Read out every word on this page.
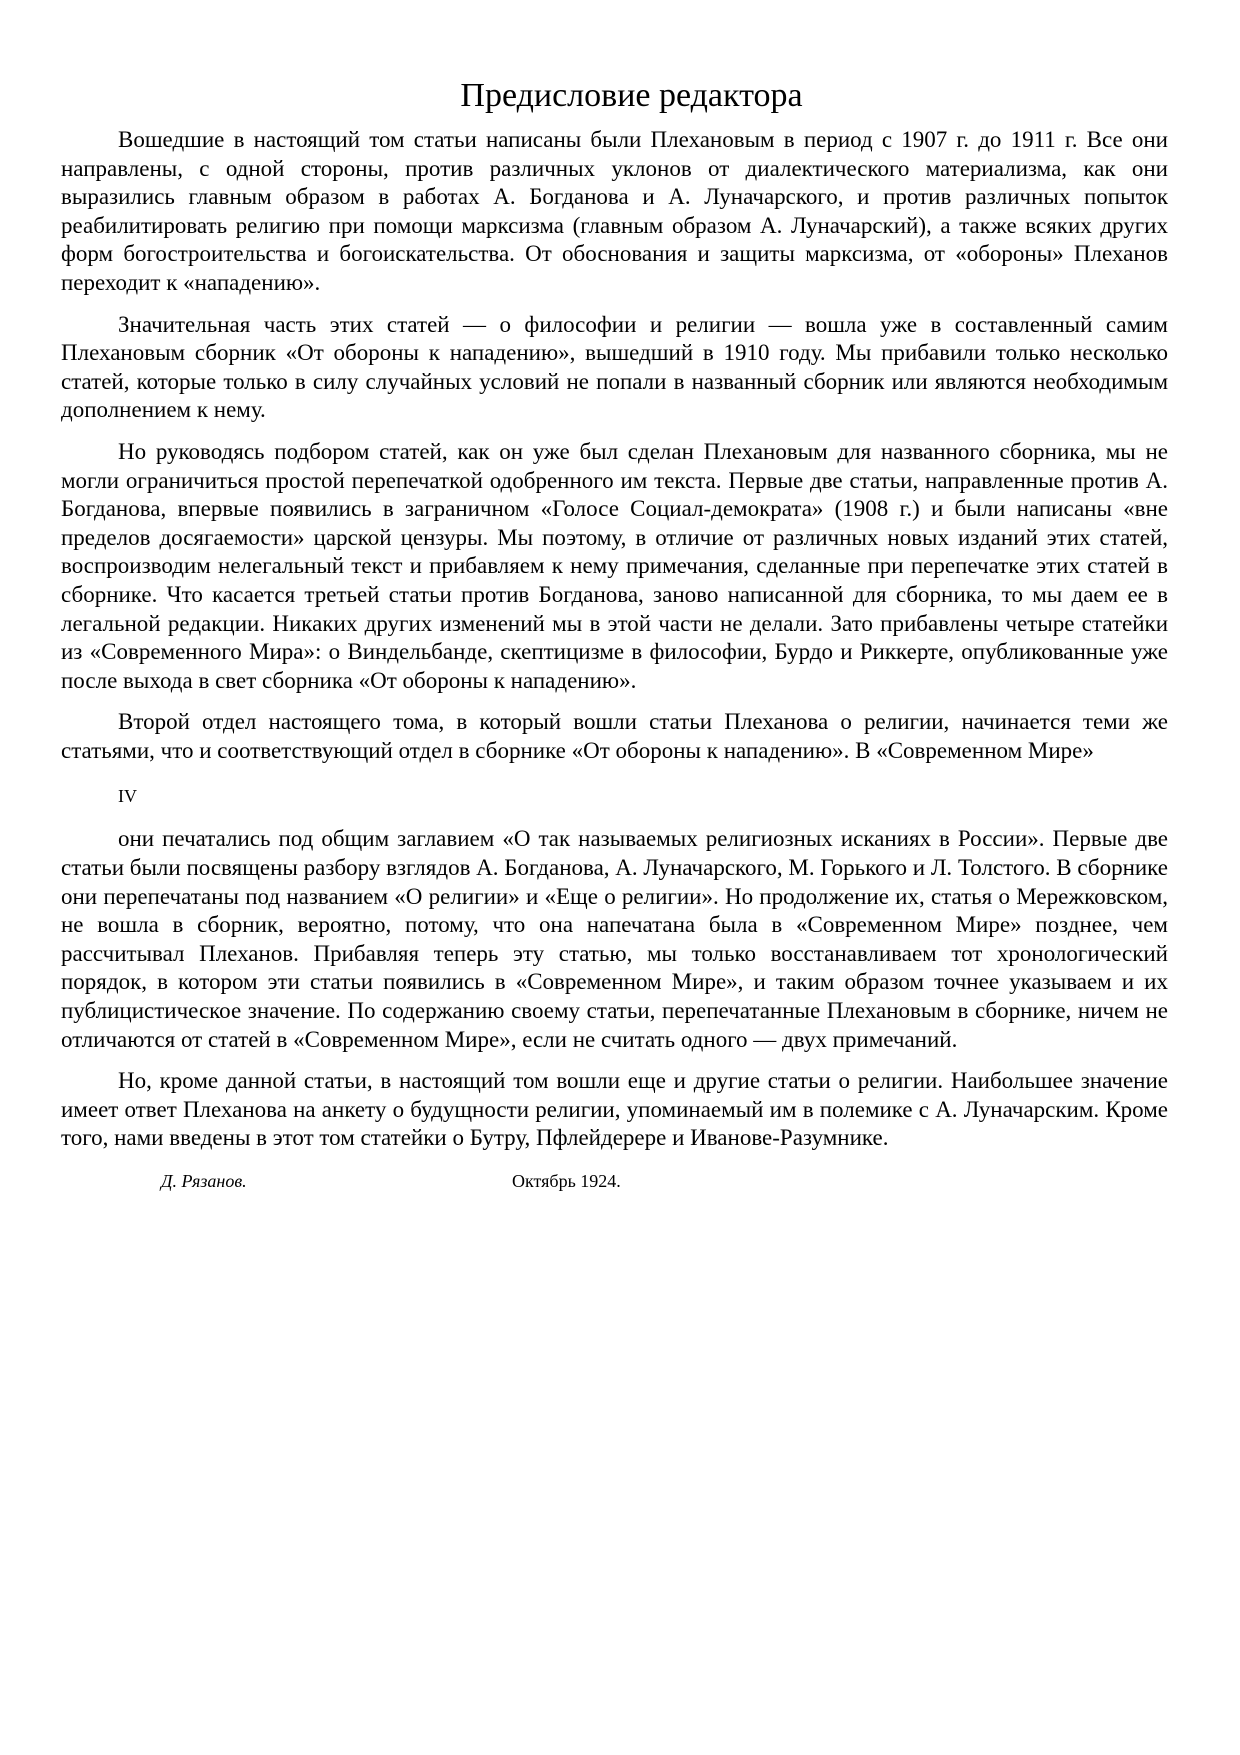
Предисловие редактора

Вошедшие в настоящий том статьи написаны были Плехановым в период с 1907 г. до 1911 г. Все они направлены, с одной стороны, против различных уклонов от диалектического материализма, как они выразились главным образом в работах А. Богданова и А. Луначарского, и против различных попыток реабилитировать религию при помощи марксизма (главным образом А. Луначарский), а также всяких других форм богостроительства и богоискательства. От обоснования и защиты марксизма, от «обороны» Плеханов переходит к «нападению».

Значительная часть этих статей — о философии и религии — вошла уже в составленный самим Плехановым сборник «От обороны к нападению», вышедший в 1910 году. Мы прибавили только несколько статей, которые только в силу случайных условий не попали в названный сборник или являются необходимым дополнением к нему.

Но руководясь подбором статей, как он уже был сделан Плехановым для названного сборника, мы не могли ограничиться простой перепечаткой одобренного им текста. Первые две статьи, направленные против А. Богданова, впервые появились в заграничном «Голосе Социал-демократа» (1908 г.) и были написаны «вне пределов досягаемости» царской цензуры. Мы поэтому, в отличие от различных новых изданий этих статей, воспроизводим нелегальный текст и прибавляем к нему примечания, сделанные при перепечатке этих статей в сборнике. Что касается третьей статьи против Богданова, заново написанной для сборника, то мы даем ее в легальной редакции. Никаких других изменений мы в этой части не делали. Зато прибавлены четыре статейки из «Современного Мира»: о Виндельбанде, скептицизме в философии, Бурдо и Риккерте, опубликованные уже после выхода в свет сборника «От обороны к нападению».

Второй отдел настоящего тома, в который вошли статьи Плеханова о религии, начинается теми же статьями, что и соответствующий отдел в сборнике «От обороны к нападению». В «Современном Мире»

IV

они печатались под общим заглавием «О так называемых религиозных исканиях в России». Первые две статьи были посвящены разбору взглядов А. Богданова, А. Луначарского, М. Горького и Л. Толстого. В сборнике они перепечатаны под названием «О религии» и «Еще о религии». Но продолжение их, статья о Мережковском, не вошла в сборник, вероятно, потому, что она напечатана была в «Современном Мире» позднее, чем рассчитывал Плеханов. Прибавляя теперь эту статью, мы только восстанавливаем тот хронологический порядок, в котором эти статьи появились в «Современном Мире», и таким образом точнее указываем и их публицистическое значение. По содержанию своему статьи, перепечатанные Плехановым в сборнике, ничем не отличаются от статей в «Современном Мире», если не считать одного — двух примечаний.

Но, кроме данной статьи, в настоящий том вошли еще и другие статьи о религии. Наибольшее значение имеет ответ Плеханова на анкету о будущности религии, упоминаемый им в полемике с А. Луначарским. Кроме того, нами введены в этот том статейки о Бутру, Пфлейдерере и Иванове-Разумнике.

Д. Рязанов.	Октябрь 1924.
